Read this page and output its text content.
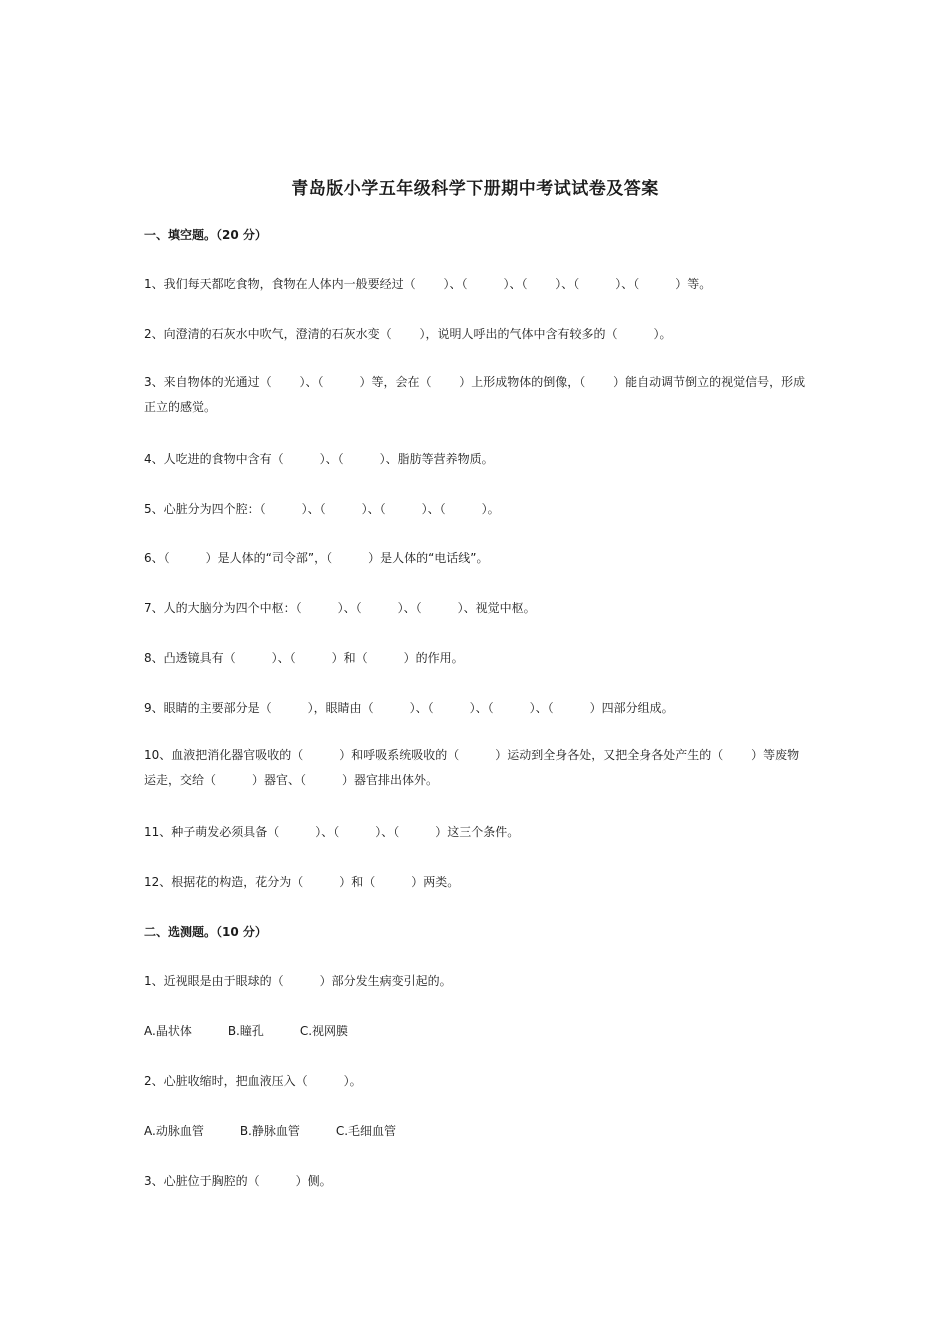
青岛版小学五年级科学下册期中考试试卷及答案
一、填空题。（20 分）
1、我们每天都吃食物，食物在人体内一般要经过（　　 ）、（　　　）、（　　 ）、（　　　）、（　　　）等。
2、向澄清的石灰水中吹气，澄清的石灰水变（　　 ），说明人呼出的气体中含有较多的（　　　）。
3、来自物体的光通过（　　 ）、（　　　）等，会在（　　 ）上形成物体的倒像，（　　 ）能自动调节倒立的视觉信号，形成正立的感觉。
4、人吃进的食物中含有（　　　）、（　　　）、脂肪等营养物质。
5、心脏分为四个腔：（　　　）、（　　　）、（　　　）、（　　　）。
6、（　　　）是人体的“司令部”，（　　　）是人体的“电话线”。
7、人的大脑分为四个中枢：（　　　）、（　　　）、（　　　）、视觉中枢。
8、凸透镜具有（　　　）、（　　　）和（　　　）的作用。
9、眼睛的主要部分是（　　　），眼睛由（　　　）、（　　　）、（　　　）、（　　　）四部分组成。
10、血液把消化器官吸收的（　　　）和呼吸系统吸收的（　　　）运动到全身各处，又把全身各处产生的（　　 ）等废物运走，交给（　　　）器官、（　　　）器官排出体外。
11、种子萌发必须具备（　　　）、（　　　）、（　　　）这三个条件。
12、根据花的构造，花分为（　　　）和（　　　）两类。
二、选测题。（10 分）
1、近视眼是由于眼球的（　　　）部分发生病变引起的。
A.晶状体　　　B.瞳孔　　　C.视网膜
2、心脏收缩时，把血液压入（　　　）。
A.动脉血管　　　B.静脉血管　　　C.毛细血管
3、心脏位于胸腔的（　　　）侧。
